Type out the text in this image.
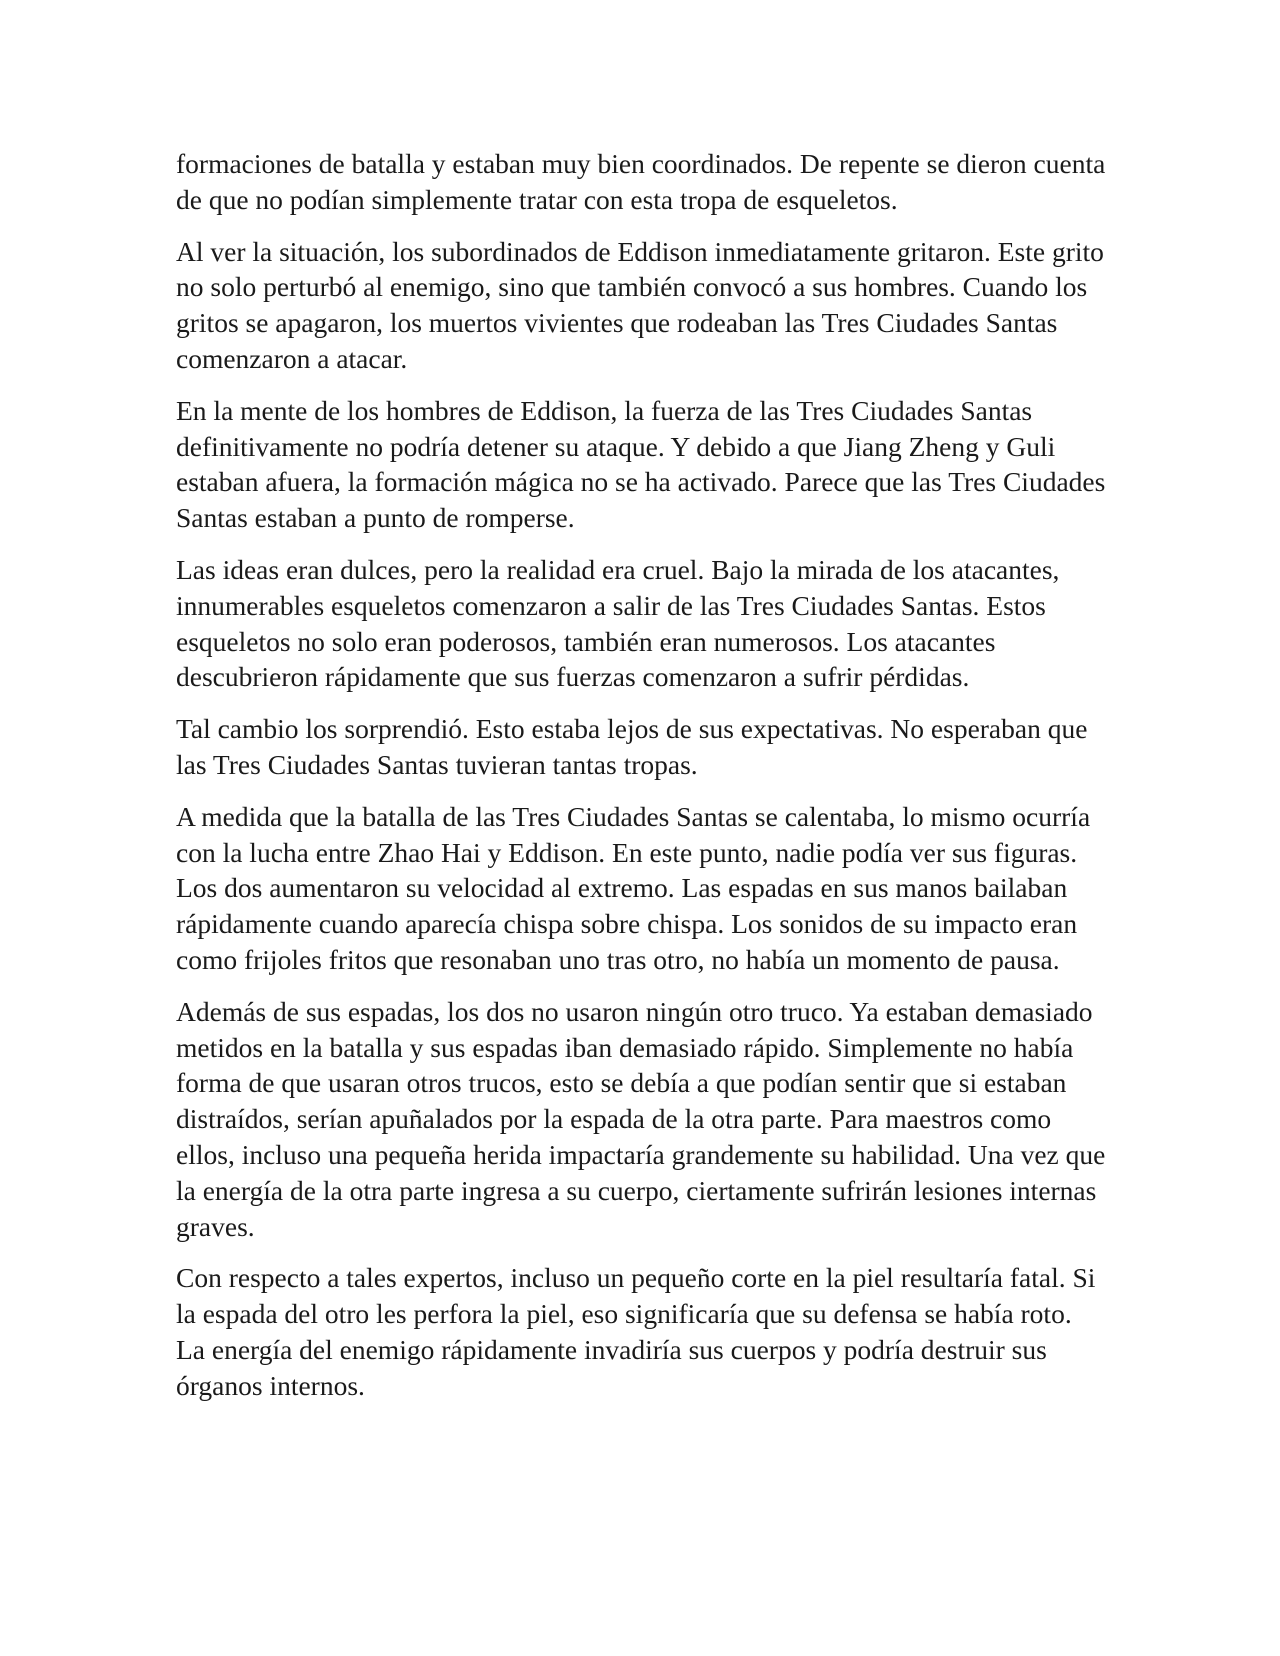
formaciones de batalla y estaban muy bien coordinados. De repente se dieron cuenta de que no podían simplemente tratar con esta tropa de esqueletos.

Al ver la situación, los subordinados de Eddison inmediatamente gritaron. Este grito no solo perturbó al enemigo, sino que también convocó a sus hombres. Cuando los gritos se apagaron, los muertos vivientes que rodeaban las Tres Ciudades Santas comenzaron a atacar.

En la mente de los hombres de Eddison, la fuerza de las Tres Ciudades Santas definitivamente no podría detener su ataque. Y debido a que Jiang Zheng y Guli estaban afuera, la formación mágica no se ha activado. Parece que las Tres Ciudades Santas estaban a punto de romperse.

Las ideas eran dulces, pero la realidad era cruel. Bajo la mirada de los atacantes, innumerables esqueletos comenzaron a salir de las Tres Ciudades Santas. Estos esqueletos no solo eran poderosos, también eran numerosos. Los atacantes descubrieron rápidamente que sus fuerzas comenzaron a sufrir pérdidas.

Tal cambio los sorprendió. Esto estaba lejos de sus expectativas. No esperaban que las Tres Ciudades Santas tuvieran tantas tropas.

A medida que la batalla de las Tres Ciudades Santas se calentaba, lo mismo ocurría con la lucha entre Zhao Hai y Eddison. En este punto, nadie podía ver sus figuras. Los dos aumentaron su velocidad al extremo. Las espadas en sus manos bailaban rápidamente cuando aparecía chispa sobre chispa. Los sonidos de su impacto eran como frijoles fritos que resonaban uno tras otro, no había un momento de pausa.

Además de sus espadas, los dos no usaron ningún otro truco. Ya estaban demasiado metidos en la batalla y sus espadas iban demasiado rápido. Simplemente no había forma de que usaran otros trucos, esto se debía a que podían sentir que si estaban distraídos, serían apuñalados por la espada de la otra parte. Para maestros como ellos, incluso una pequeña herida impactaría grandemente su habilidad. Una vez que la energía de la otra parte ingresa a su cuerpo, ciertamente sufrirán lesiones internas graves.

Con respecto a tales expertos, incluso un pequeño corte en la piel resultaría fatal. Si la espada del otro les perfora la piel, eso significaría que su defensa se había roto. La energía del enemigo rápidamente invadiría sus cuerpos y podría destruir sus órganos internos.
